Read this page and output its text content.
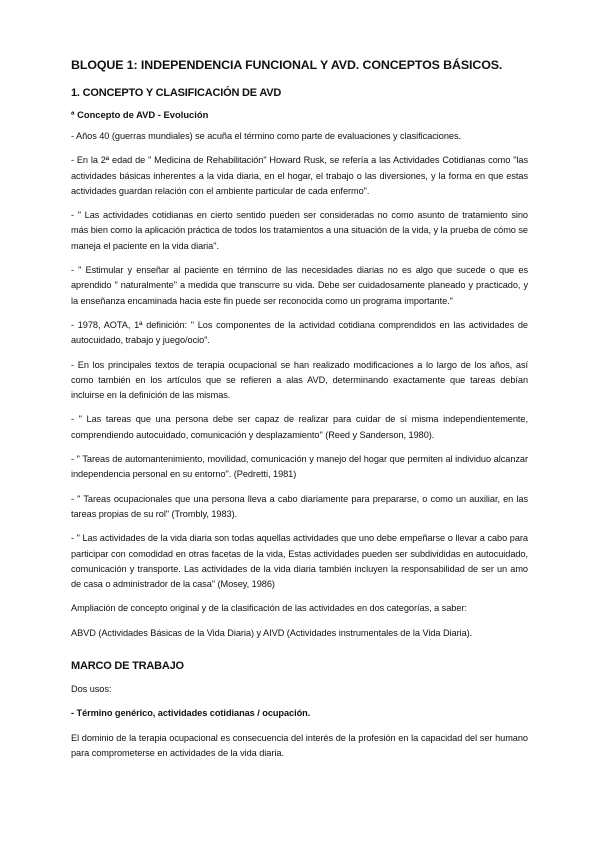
BLOQUE 1: INDEPENDENCIA FUNCIONAL Y AVD. CONCEPTOS BÁSICOS.
1. CONCEPTO Y CLASIFICACIÓN DE AVD
ª Concepto de AVD - Evolución

- Años 40 (guerras mundiales) se acuña el término como parte de evaluaciones y clasificaciones.

- En la 2ª edad de " Medicina de Rehabilitación" Howard Rusk, se refería a las Actividades Cotidianas como "las actividades básicas inherentes a la vida diaria, en el hogar, el trabajo o las diversiones, y la forma en que estas actividades guardan relación con el ambiente particular de cada enfermo".

- " Las actividades cotidianas en cierto sentido pueden ser consideradas no como asunto de tratamiento sino más bien como la aplicación práctica de todos los tratamientos a una situación de la vida, y la prueba de cómo se maneja el paciente en la vida diaria".

- " Estimular y enseñar al paciente en término de las necesidades diarias no es algo que sucede o que es aprendido " naturalmente" a medida que transcurre su vida. Debe ser cuidadosamente planeado y practicado, y la enseñanza encaminada hacia este fin puede ser reconocida como un programa importante."

- 1978, AOTA, 1ª definición: " Los componentes de la actividad cotidiana comprendidos en las actividades de autocuidado, trabajo y juego/ocio".

- En los principales textos de terapia ocupacional se han realizado modificaciones a lo largo de los años, así como también en los artículos que se refieren a alas AVD, determinando exactamente que tareas debían incluirse en la definición de las mismas.

- " Las tareas que una persona debe ser capaz de realizar para cuidar de sí misma independientemente, comprendiendo autocuidado, comunicación y desplazamiento" (Reed y Sanderson, 1980).

- " Tareas de automantenimiento, movilidad, comunicación y manejo del hogar que permiten al individuo alcanzar independencia personal en su entorno". (Pedretti, 1981)

- " Tareas ocupacionales que una persona lleva a cabo diariamente para prepararse, o como un auxiliar, en las tareas propias de su rol" (Trombly, 1983).

- " Las actividades de la vida diaria son todas aquellas actividades que uno debe empeñarse o llevar a cabo para participar con comodidad en otras facetas de la vida, Estas actividades pueden ser subdivididas en autocuidado, comunicación y transporte. Las actividades de la vida diaria también incluyen la responsabilidad de ser un amo de casa o administrador de la casa" (Mosey, 1986)

Ampliación de concepto original y de la clasificación de las actividades en dos categorías, a saber:

ABVD (Actividades Básicas de la Vida Diaria) y AIVD (Actividades instrumentales de la Vida Diaria).

MARCO DE TRABAJO

Dos usos:

- Término genérico, actividades cotidianas / ocupación.

El dominio de la terapia ocupacional es consecuencia del interés de la profesión en la capacidad del ser humano para comprometerse en actividades de la vida diaria.
